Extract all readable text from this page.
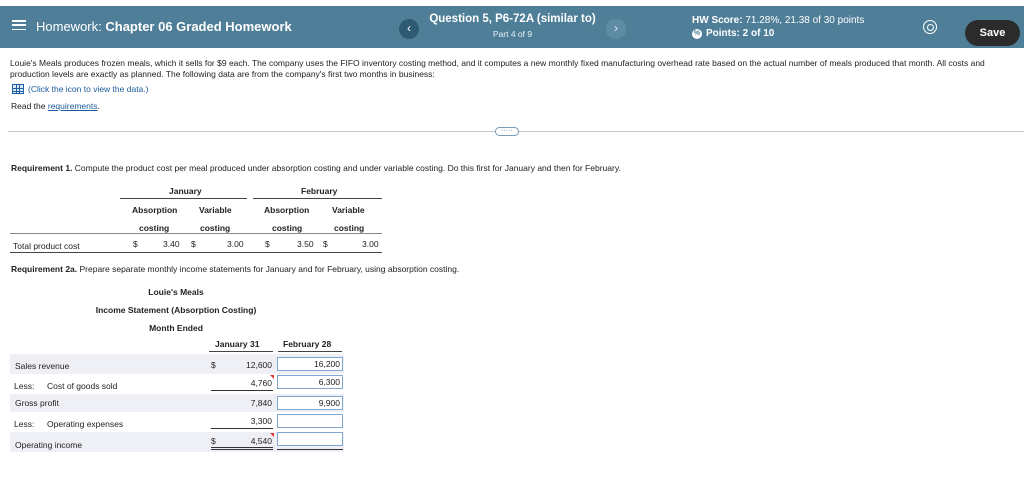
Homework: Chapter 06 Graded Homework	‹
Question 5, P6-72A (similar to)
Part 4 of 9	›
HW Score: 71.28%, 21.38 of 30 points
% Points: 2 of 10	Save
Louie's Meals produces frozen meals, which it sells for $9 each. The company uses the FIFO inventory costing method, and it computes a new monthly fixed manufacturing overhead rate based on the actual number of meals produced that month. All costs and production levels are exactly as planned. The following data are from the company's first two months in business:
(Click the icon to view the data.)
Read the requirements.
·····
Requirement 1. Compute the product cost per meal produced under absorption costing and under variable costing. Do this first for January and then for February.
January	February
Absorption
costing
Variable
costing
Absorption
costing
Variable
costing
Total product cost	$	3.40 $	3.00	$	3.50 $	3.00
Requirement 2a. Prepare separate monthly income statements for January and for February, using absorption costing.
Louie's Meals
Income Statement (Absorption Costing)
Month Ended
January 31	February 28
Sales revenue	$	12,600	16,200
Less: Cost of goods sold	4,760	6,300
Gross profit	7,840	9,900
Less: Operating expenses	3,300
Operating income	$	4,540
